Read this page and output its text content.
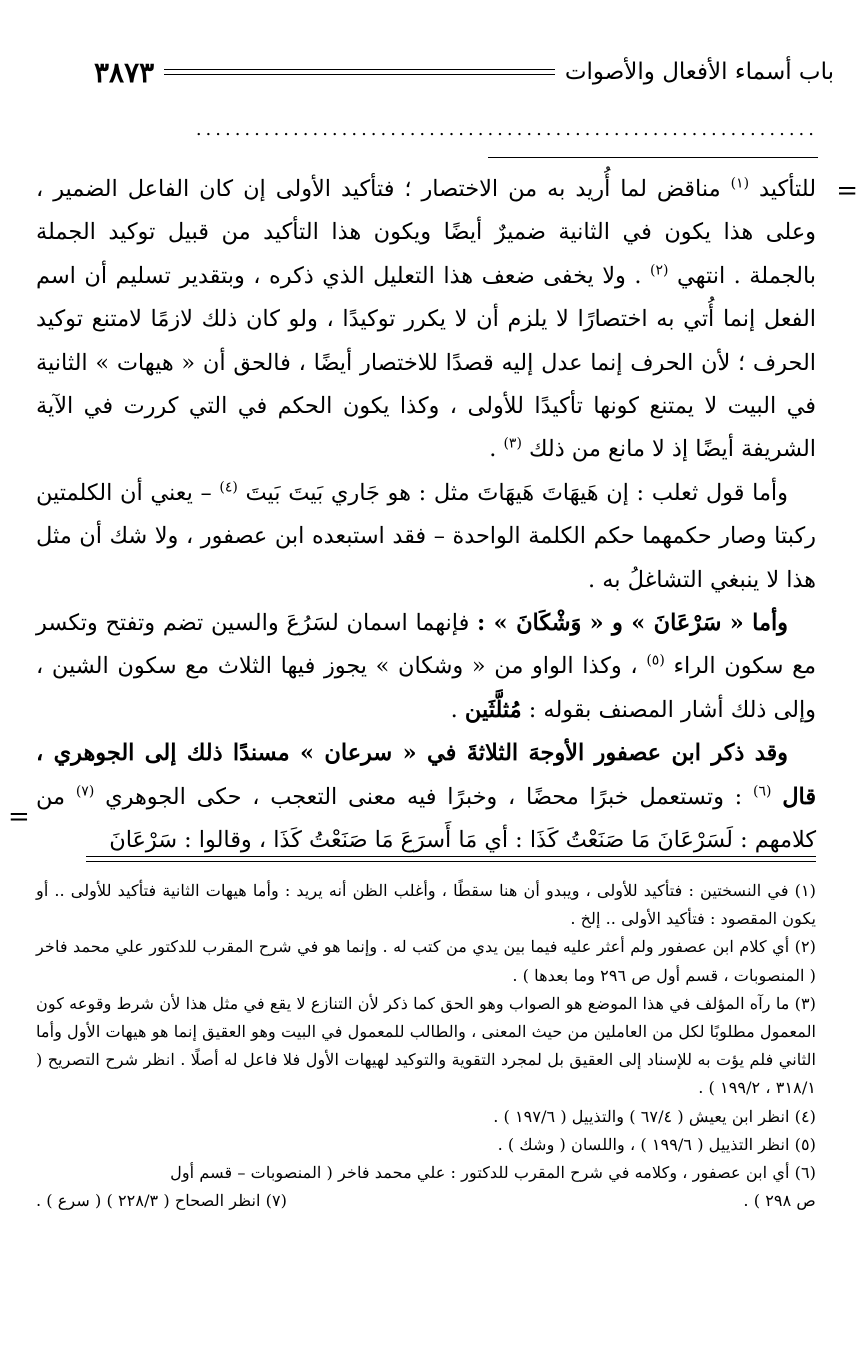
باب أسماء الأفعال والأصوات
٣٨٧٣
................................................................
=
=

للتأكيد $^{(١)}$ مناقض لما أُريد به من الاختصار ؛ فتأكيد الأولى إن كان الفاعل الضمير ، وعلى هذا يكون في الثانية ضميرٌ أيضًا ويكون هذا التأكيد من قبيل توكيد الجملة بالجملة . انتهي $^{(٢)}$ . ولا يخفى ضعف هذا التعليل الذي ذكره ، وبتقدير تسليم أن اسم الفعل إنما أُتي به اختصارًا لا يلزم أن لا يكرر توكيدًا ، ولو كان ذلك لازمًا لامتنع توكيد الحرف ؛ لأن الحرف إنما عدل إليه قصدًا للاختصار أيضًا ، فالحق أن « هيهات » الثانية في البيت لا يمتنع كونها تأكيدًا للأولى ، وكذا يكون الحكم في التي كررت في الآية الشريفة أيضًا إذ لا مانع من ذلك $^{(٣)}$ .

وأما قول ثعلب : إن هَيهَاتَ هَيهَاتَ مثل : هو جَاري بَيتَ بَيتَ $^{(٤)}$ – يعني أن الكلمتين ركبتا وصار حكمهما حكم الكلمة الواحدة – فقد استبعده ابن عصفور ، ولا شك أن مثل هذا لا ينبغي التشاغلُ به .

وأما « سَرْعَانَ » و « وَشْكَانَ » : فإنهما اسمان لسَرُعَ والسين تضم وتفتح وتكسر مع سكون الراء $^{(٥)}$ ، وكذا الواو من « وشكان » يجوز فيها الثلاث مع سكون الشين ، وإلى ذلك أشار المصنف بقوله : مُثلَّثَين .

وقد ذكر ابن عصفور الأوجهَ الثلاثةَ في « سرعان » مسندًا ذلك إلى الجوهري ، قال $^{(٦)}$ : وتستعمل خبرًا محضًا ، وخبرًا فيه معنى التعجب ، حكى الجوهري $^{(٧)}$ من كلامهم : لَسَرْعَانَ مَا صَنَعْتُ كَذَا : أي مَا أَسرَعَ مَا صَنَعْتُ كَذَا ، وقالوا : سَرْعَانَ

(١) في النسختين : فتأكيد للأولى ، ويبدو أن هنا سقطًا ، وأغلب الظن أنه يريد : وأما هيهات الثانية فتأكيد للأولى .. أو يكون المقصود : فتأكيد الأولى .. إلخ .

(٢) أي كلام ابن عصفور ولم أعثر عليه فيما بين يدي من كتب له . وإنما هو في شرح المقرب للدكتور علي محمد فاخر ( المنصوبات ، قسم أول ص ٢٩٦ وما بعدها ) .

(٣) ما رآه المؤلف في هذا الموضع هو الصواب وهو الحق كما ذكر لأن التنازع لا يقع في مثل هذا لأن شرط وقوعه كون المعمول مطلوبًا لكل من العاملين من حيث المعنى ، والطالب للمعمول في البيت وهو العقيق إنما هو هيهات الأول وأما الثاني فلم يؤت به للإسناد إلى العقيق بل لمجرد التقوية والتوكيد لهيهات الأول فلا فاعل له أصلًا . انظر شرح التصريح ( ٣١٨/١ ، ١٩٩/٢ ) .

(٤) انظر ابن يعيش ( ٦٧/٤ ) والتذييل ( ١٩٧/٦ ) .

(٥) انظر التذييل ( ١٩٩/٦ ) ، واللسان ( وشك ) .

(٦) أي ابن عصفور ، وكلامه في شرح المقرب للدكتور : علي محمد فاخر ( المنصوبات – قسم أول

ص ٢٩٨ ) .
(٧) انظر الصحاح ( ٢٢٨/٣ ) ( سرع ) .
